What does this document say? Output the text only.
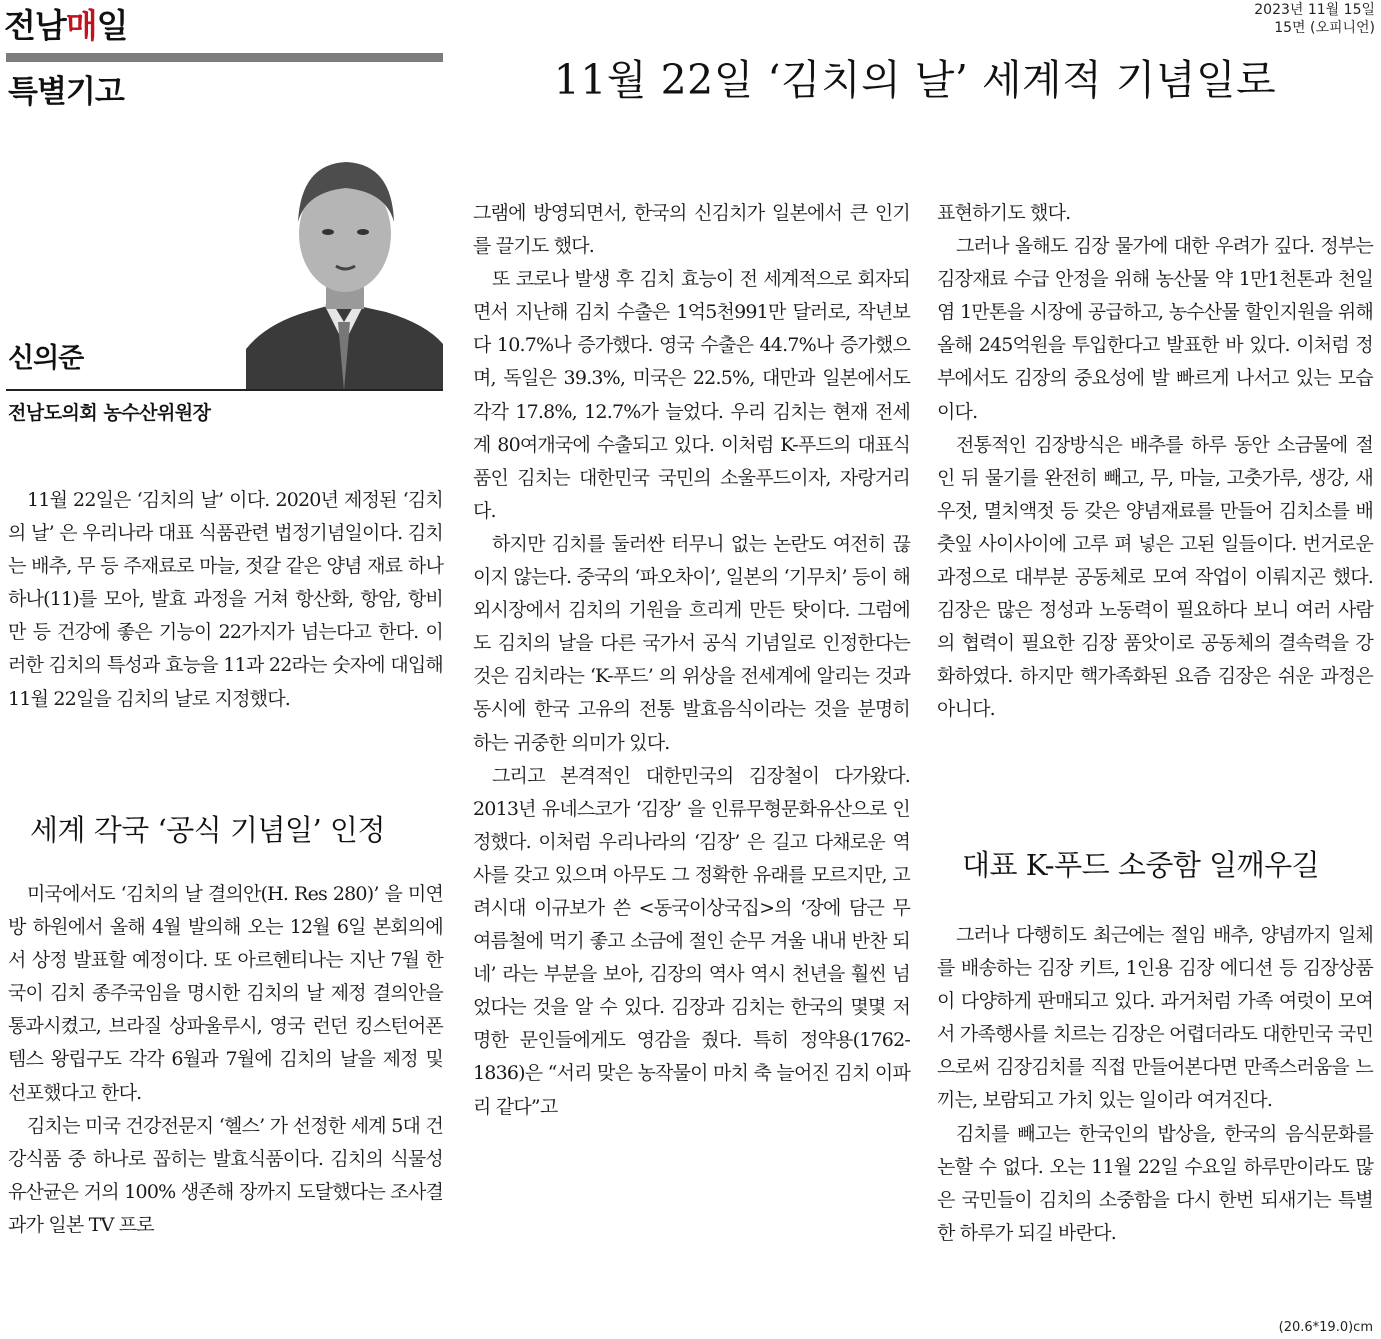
전남매일	2023년 11월 15일
15면 (오피니언)
특별기고	11월 22일 ‘김치의 날’ 세계적 기념일로
신의준
전남도의회 농수산위원장

11월 22일은 ‘김치의 날’ 이다. 2020년 제정된 ‘김치의 날’ 은 우리나라 대표 식품관련 법정기념일이다. 김치는 배추, 무 등 주재료로 마늘, 젓갈 같은 양념 재료 하나하나(11)를 모아, 발효 과정을 거쳐 항산화, 항암, 항비만 등 건강에 좋은 기능이 22가지가 넘는다고 한다. 이러한 김치의 특성과 효능을 11과 22라는 숫자에 대입해 11월 22일을 김치의 날로 지정했다.

세계 각국 ‘공식 기념일’ 인정

미국에서도 ‘김치의 날 결의안(H. Res 280)’ 을 미연방 하원에서 올해 4월 발의해 오는 12월 6일 본회의에서 상정 발표할 예정이다. 또 아르헨티나는 지난 7월 한국이 김치 종주국임을 명시한 김치의 날 제정 결의안을 통과시켰고, 브라질 상파울루시, 영국 런던 킹스턴어폰 템스 왕립구도 각각 6월과 7월에 김치의 날을 제정 및 선포했다고 한다.

김치는 미국 건강전문지 ‘헬스’ 가 선정한 세계 5대 건강식품 중 하나로 꼽히는 발효식품이다. 김치의 식물성 유산균은 거의 100% 생존해 장까지 도달했다는 조사결과가 일본 TV 프로

그램에 방영되면서, 한국의 신김치가 일본에서 큰 인기를 끌기도 했다.

또 코로나 발생 후 김치 효능이 전 세계적으로 회자되면서 지난해 김치 수출은 1억5천991만 달러로, 작년보다 10.7%나 증가했다. 영국 수출은 44.7%나 증가했으며, 독일은 39.3%, 미국은 22.5%, 대만과 일본에서도 각각 17.8%, 12.7%가 늘었다. 우리 김치는 현재 전세계 80여개국에 수출되고 있다. 이처럼 K-푸드의 대표식품인 김치는 대한민국 국민의 소울푸드이자, 자랑거리다.

하지만 김치를 둘러싼 터무니 없는 논란도 여전히 끊이지 않는다. 중국의 ‘파오차이’, 일본의 ‘기무치’ 등이 해외시장에서 김치의 기원을 흐리게 만든 탓이다. 그럼에도 김치의 날을 다른 국가서 공식 기념일로 인정한다는 것은 김치라는 ‘K-푸드’ 의 위상을 전세계에 알리는 것과 동시에 한국 고유의 전통 발효음식이라는 것을 분명히 하는 귀중한 의미가 있다.

그리고 본격적인 대한민국의 김장철이 다가왔다. 2013년 유네스코가 ‘김장’ 을 인류무형문화유산으로 인정했다. 이처럼 우리나라의 ‘김장’ 은 길고 다채로운 역사를 갖고 있으며 아무도 그 정확한 유래를 모르지만, 고려시대 이규보가 쓴 <동국이상국집>의 ‘장에 담근 무 여름철에 먹기 좋고 소금에 절인 순무 겨울 내내 반찬 되네’ 라는 부분을 보아, 김장의 역사 역시 천년을 훨씬 넘었다는 것을 알 수 있다. 김장과 김치는 한국의 몇몇 저명한 문인들에게도 영감을 줬다. 특히 정약용(1762-1836)은 “서리 맞은 농작물이 마치 축 늘어진 김치 이파리 같다”고

표현하기도 했다.

그러나 올해도 김장 물가에 대한 우려가 깊다. 정부는 김장재료 수급 안정을 위해 농산물 약 1만1천톤과 천일염 1만톤을 시장에 공급하고, 농수산물 할인지원을 위해 올해 245억원을 투입한다고 발표한 바 있다. 이처럼 정부에서도 김장의 중요성에 발 빠르게 나서고 있는 모습이다.

전통적인 김장방식은 배추를 하루 동안 소금물에 절인 뒤 물기를 완전히 빼고, 무, 마늘, 고춧가루, 생강, 새우젓, 멸치액젓 등 갖은 양념재료를 만들어 김치소를 배춧잎 사이사이에 고루 펴 넣은 고된 일들이다. 번거로운 과정으로 대부분 공동체로 모여 작업이 이뤄지곤 했다. 김장은 많은 정성과 노동력이 필요하다 보니 여러 사람의 협력이 필요한 김장 품앗이로 공동체의 결속력을 강화하였다. 하지만 핵가족화된 요즘 김장은 쉬운 과정은 아니다.

대표 K-푸드 소중함 일깨우길

그러나 다행히도 최근에는 절임 배추, 양념까지 일체를 배송하는 김장 키트, 1인용 김장 에디션 등 김장상품이 다양하게 판매되고 있다. 과거처럼 가족 여럿이 모여서 가족행사를 치르는 김장은 어렵더라도 대한민국 국민으로써 김장김치를 직접 만들어본다면 만족스러움을 느끼는, 보람되고 가치 있는 일이라 여겨진다.

김치를 빼고는 한국인의 밥상을, 한국의 음식문화를 논할 수 없다. 오는 11월 22일 수요일 하루만이라도 많은 국민들이 김치의 소중함을 다시 한번 되새기는 특별한 하루가 되길 바란다.

(20.6*19.0)cm
